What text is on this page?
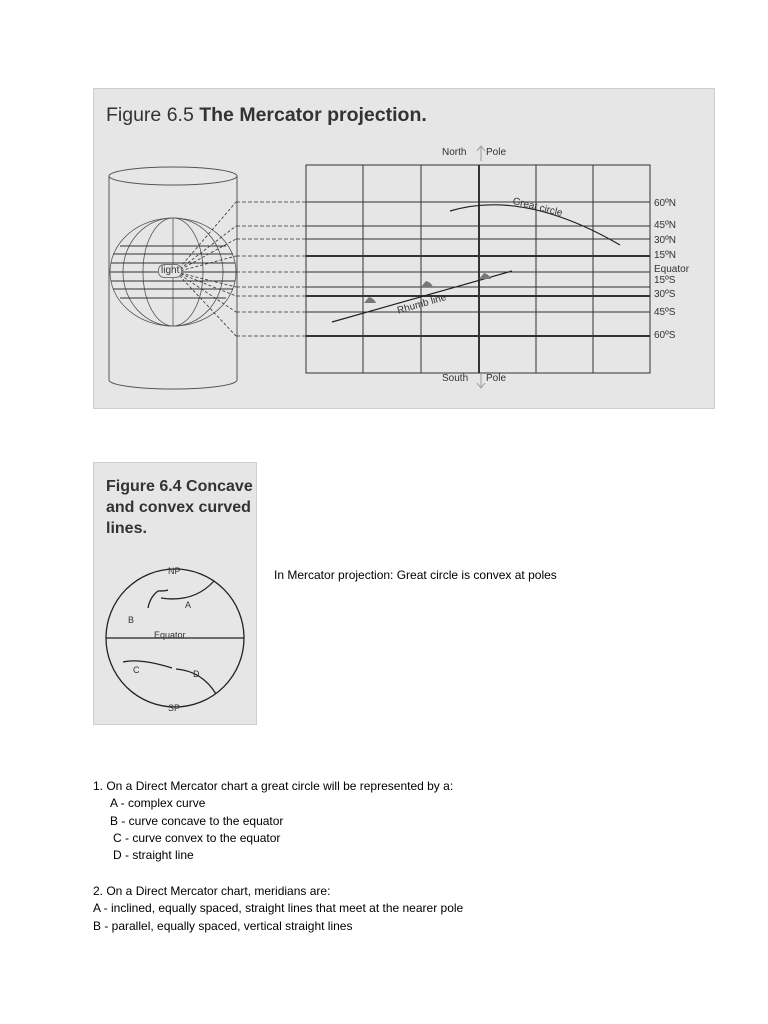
Figure 6.5 The Mercator projection.
North Pole
South Pole
light
Great circle
Rhumb line
60ºN
45ºN
30ºN
15ºN
Equator
15ºS
30ºS
45ºS
60ºS
Figure 6.4 Concave and convex curved lines.
NP
A
B
Equator
C	D
SP
In Mercator projection: Great circle is convex at poles
1. On a Direct Mercator chart a great circle will be represented by a:
A - complex curve
B - curve concave to the equator
C - curve convex to the equator
D - straight line
2. On a Direct Mercator chart, meridians are:
A - inclined, equally spaced, straight lines that meet at the nearer pole
B - parallel, equally spaced, vertical straight lines
